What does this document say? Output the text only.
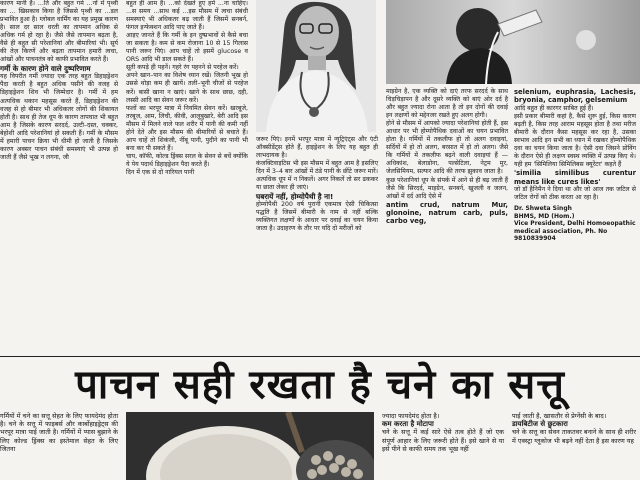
कारण मानी है। ...ति और बहुत गर्म ...नों में पृथ्वी का ... खिसकाव किया है जिससे पृथ्वी का ...डल प्रभावित हुआ है। ग्लोबल वार्मिंग का यह प्रमुख कारण है। साल दर साल धरती का तापमान अधिक से अधिक गर्म हो रहा है। जैसे जैसे तापमान बढ़ता है, वैसे ही बहुत सी परेशानियां और बीमारियां भी। सूर्य की तेज़ किरणें और बढ़ता तापमान हमारी त्वचा, आंखों और पाचनतंत्र को काफी प्रभावित करते हैं।

गर्मी के कारण होने वाले दुष्परिणाम

यह विपरीत गर्मी ज्यादा एक तरह बहुत डिहाइड्रेशन पैदा करती है बहुत अधिक पसीने की वजह से डिहाइड्रेशन शिव भी जिम्मेदार है। गर्मी में हम अत्यधिक थकान महसूस करते हैं, डिहाइड्रेशन की वजह से हो बीमार भी अधिकतर लोगों की शिकायत होती है। साथ ही तेज धूप के कारण तापघात भी बहुत आम है जिसके कारण सरदर्द, उल्टी–दस्त, चक्कर, बेहोशी आदि परेशानियां हो सकती हैं। गर्मी के मौसम में हमारी पाचन क्रिया भी धीमी हो जाती है जिसके कारण अक्सर पाचन संबंधी समस्याएं भी उत्पन्न हो जाती हैं जैसे भूख न लगना, जी

बहुत ही आम है। ...को देखते हुए हमें ...ना चाहिए। ...स समय ...साथ कई ...इस मौसम में त्वचा संबंधी समस्याएं भी अधिकतर बढ़ जाती हैं जिसमें सनबर्न, फंगल इन्फेक्शन आदि पाए जाते हैं।

आइए जानते हैं कि गर्मी के इन दुष्प्रभावों से कैसे बचा जा सकता है। कम से कम रोजाना 10 से 15 गिलास पानी जरूर पिएं। आप चाहें तो इसमें glucose व ORS आदि भी डाल सकते हैं।

सूती कपड़े ही पहनें। गहरे रंग पहनने से परहेज करें।

अपने खान–पान का विशेष ध्यान रखें। जितनी भूख हो उससे थोड़ा कम ही खायें। तली–भूनी चीजों से परहेज करें। बासी खाना न खाएं। खाने के साथ छाछ, दही, लस्सी आदि का सेवन जरूर करें।

फलों का भरपूर मात्रा में नियमित सेवन करें। खरबूजे, तरबूज, आम, लिची, कीवी, आलूबुखारे, बेरी आदि इस मौसम में मिलने वाले फल शरीर में पानी की कमी नहीं होने देते और इस मौसम की बीमारियों से बचाते हैं। आप चाहें तो शिकंजी, नींबू पानी, पुदीने का पानी भी बना कर पी सकते हैं।

चाय, कॉफी, कोल्ड ड्रिंक्स सरल के सेवन से बचें क्योंकि ये पेय पदार्थ डिहाइड्रेशन पैदा करते हैं।

दिन में एक से दो नारियल पानी

जरूर पिएं। इनमें भरपूर मात्रा में न्यूट्रिएंट्स और एंटी ऑक्सीडेंट्स होते हैं, हाइड्रेशन के लिए यह बहुत ही लाभदायक है।

कंजक्टिवाइटिस भी इस मौसम में बहुत आम है इसलिए दिन में 3–4 बार आंखों में ठंडे पानी के छींटे जरूर मारें।

अत्यधिक धूप में न निकलें। अगर निकलें तो सर ढककर या छाता लेकर ही जाएं।

घबरायें नहीं, होम्योपैथी है ना!

होम्योपैथी 200 वर्ष पुरानी एकमात्र ऐसी चिकित्सा पद्धति है जिसमें बीमारी के नाम से नहीं बल्कि व्यक्तिगत लक्षणों के आधार पर दवाई का चयन किया जाता है। उदाहरण के तौर पर यदि दो मरीजों को

माइग्रेन है, एक व्यक्ति को दाएं तरफ सरदर्द के साथ चिड़चिड़ापन है और दूसरे व्यक्ति को बाएं ओर दर्द है और बहुत ज्यादा रोना आता है तो इन दोनों की दवाई इन लक्षणों को मद्देनजर रखते हुए अलग होगी।

होने से मौसम में आपको ज्यादा परेशानियां होती हैं, इस आधार पर भी होम्योपैथिक दवाओं का चयन प्रभावित होता है। गर्मियों में तकलीफ हो तो अलग दवाइयां, सर्दियों में हो तो अलग, बरसात में हो तो अलग। जैसे कि गर्मियों में तकलीफ बढ़ने वाली दवाइयां हैं — अधिकांश, बेलाडोना, पल्सेटिला, नेट्रम मुर, जेलसिमियम, सल्फर आदि की तरफ झुकाव जाता है।

कुछ परेशानियां धूप के संपर्क में आने से ही बढ़ जाती हैं जैसे कि सिरदर्द, माइग्रेन, सनबर्न, खुजली व जलन, आंखों में दर्द आदि ऐसे में

antim crud, natrum Mur, glonoine, natrum carb, puls, carbo veg,

selenium, euphrasia, Lachesis, bryonia, camphor, gelsemium

आदि बहुत ही कारगर साबित हुई हैं।

इसी प्रकार बीमारी कहां है, कैसे शुरू हुई, किस कारण बढ़ती है, किस तरह आराम महसूस होता है तथा मरीज बीमारी के दौरान कैसा महसूस कर रहा है, उसका स्वभाव आदि इन सभी का ध्यान में रखकर होम्योपैथिक दवा का चयन किया जाता है। ऐसी दवा जिसने प्रोविंग के दौरान ऐसे ही लक्षण स्वस्थ व्यक्ति में उत्पन्न किए थे। यही हम 'सिमिलिया सिमिलिबस क्यूरेंटर' कहते हैं

'similia similibus curentur means like cures likes'

जो डॉ हैनिमैन ने दिया था और जो आज तक जटिल से जटिल रोगों को ठीक करता आ रहा है।

Dr. Shweta Singh
BHMS, MD (Hom.)
Vice President, Delhi Homoeopathic medical association, Ph. No 9810839904
पाचन सही रखता है चने का सत्तू
गर्मियों में चने का सत्तू सेहत के लिए फायदेमंद होता है। चने के सत्तू में फाइबर्स और कार्बोहाइड्रेट्स की भरपूर मात्रा पाई जाती है। गर्मियों में प्यास बुझाने के लिए कोल्ड ड्रिंक्स का इस्तेमाल सेहत के लिए जितना
ज्यादा फायदेमंद होता है।
कम करता है मोटापा
चने के सत्तू में कई सारे ऐसे तत्व होते हैं जो एक संपूर्ण आहार के लिए जरूरी होते हैं। इसे खाने से या इसे पीने से काफी समय तक भूख नहीं
पाई जाती है, खासतौर से प्रेग्नेंसी के बाद।
डायबिटीज से छुटकारा
चने के सत्तू का सेवन ताकतवर बनाने के साथ ही शरीर में एक्स्ट्रा ग्लूकोज भी बढ़ने नहीं देता है इस कारण यह
